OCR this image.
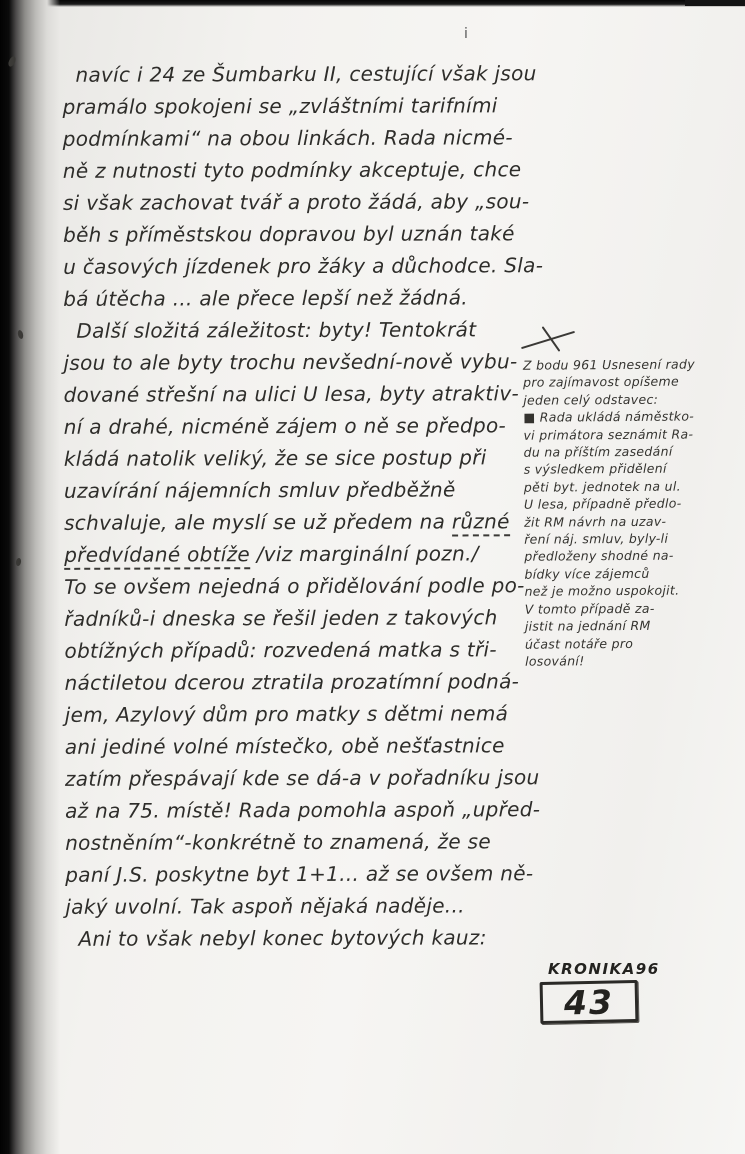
i
navíc i 24 ze Šumbarku II, cestující však jsou
pramálo spokojeni se „zvláštními tarifními
podmínkami“ na obou linkách. Rada nicmé-
ně z nutnosti tyto podmínky akceptuje, chce
si však zachovat tvář a proto žádá, aby „sou-
běh s příměstskou dopravou byl uznán také
u časových jízdenek pro žáky a důchodce. Sla-
bá útěcha ... ale přece lepší než žádná.
Další složitá záležitost: byty! Tentokrát
jsou to ale byty trochu nevšední-nově vybu-
dované střešní na ulici U lesa, byty atraktiv-
ní a drahé, nicméně zájem o ně se předpo-
kládá natolik veliký, že se sice postup při
uzavírání nájemních smluv předběžně
schvaluje, ale myslí se už předem na různé
předvídané obtíže /viz marginální pozn./
To se ovšem nejedná o přidělování podle po-
řadníků-i dneska se řešil jeden z takových
obtížných případů: rozvedená matka s tři-
náctiletou dcerou ztratila prozatímní podná-
jem, Azylový dům pro matky s dětmi nemá
ani jediné volné místečko, obě nešťastnice
zatím přespávají kde se dá-a v pořadníku jsou
až na 75. místě! Rada pomohla aspoň „upřed-
nostněním“-konkrétně to znamená, že se
paní J.S. poskytne byt 1+1... až se ovšem ně-
jaký uvolní. Tak aspoň nějaká naděje...
Ani to však nebyl konec bytových kauz:
Z bodu 961 Usnesení rady
pro zajímavost opíšeme
jeden celý odstavec:
■ Rada ukládá náměstko-
vi primátora seznámit Ra-
du na příštím zasedání
s výsledkem přidělení
pěti byt. jednotek na ul.
U lesa, případně předlo-
žit RM návrh na uzav-
ření náj. smluv, byly-li
předloženy shodné na-
bídky více zájemců
než je možno uspokojit.
V tomto případě za-
jistit na jednání RM
účast notáře pro
losování!
KRONIKA96
43
